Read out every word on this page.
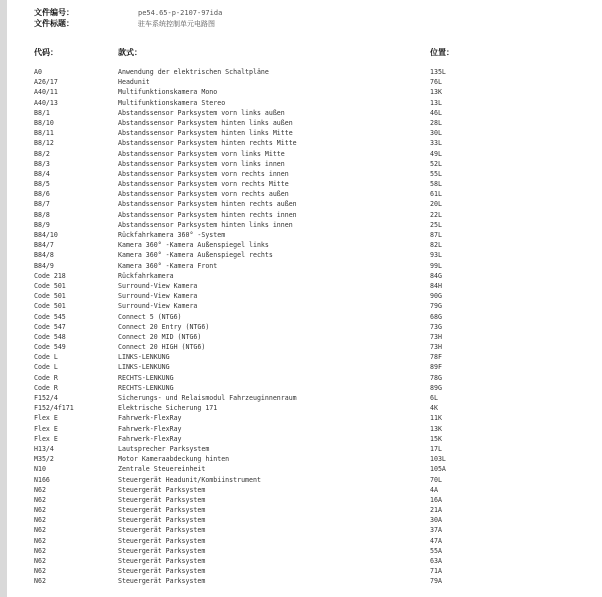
文件编号：	pe54.65-p-2107-97ida
文件标题：	驻车系统控制单元电路图
代码：	款式：	位置：
A0	Anwendung der elektrischen Schaltpläne	135L
A26/17	Headunit	76L
A40/11	Multifunktionskamera Mono	13K
A40/13	Multifunktionskamera Stereo	13L
B8/1	Abstandssensor Parksystem vorn links außen	46L
B8/10	Abstandssensor Parksystem hinten links außen	28L
B8/11	Abstandssensor Parksystem hinten links Mitte	30L
B8/12	Abstandssensor Parksystem hinten rechts Mitte	33L
B8/2	Abstandssensor Parksystem vorn links Mitte	49L
B8/3	Abstandssensor Parksystem vorn links innen	52L
B8/4	Abstandssensor Parksystem vorn rechts innen	55L
B8/5	Abstandssensor Parksystem vorn rechts Mitte	58L
B8/6	Abstandssensor Parksystem vorn rechts außen	61L
B8/7	Abstandssensor Parksystem hinten rechts außen	20L
B8/8	Abstandssensor Parksystem hinten rechts innen	22L
B8/9	Abstandssensor Parksystem hinten links innen	25L
B84/10	Rückfahrkamera 360° -System	87L
B84/7	Kamera 360° -Kamera Außenspiegel links	82L
B84/8	Kamera 360° -Kamera Außenspiegel rechts	93L
B84/9	Kamera 360° -Kamera Front	99L
Code 218	Rückfahrkamera	84G
Code 501	Surround-View Kamera	84H
Code 501	Surround-View Kamera	90G
Code 501	Surround-View Kamera	79G
Code 545	Connect 5 (NTG6)	68G
Code 547	Connect 20 Entry (NTG6)	73G
Code 548	Connect 20 MID (NTG6)	73H
Code 549	Connect 20 HIGH (NTG6)	73H
Code L	LINKS-LENKUNG	78F
Code L	LINKS-LENKUNG	89F
Code R	RECHTS-LENKUNG	78G
Code R	RECHTS-LENKUNG	89G
F152/4	Sicherungs- und Relaismodul Fahrzeuginnenraum	6L
F152/4f171	Elektrische Sicherung 171	4K
Flex E	Fahrwerk-FlexRay	11K
Flex E	Fahrwerk-FlexRay	13K
Flex E	Fahrwerk-FlexRay	15K
H13/4	Lautsprecher Parksystem	17L
M35/2	Motor Kameraabdeckung hinten	103L
N10	Zentrale Steuereinheit	105A
N166	Steuergerät Headunit/Kombiinstrument	70L
N62	Steuergerät Parksystem	4A
N62	Steuergerät Parksystem	16A
N62	Steuergerät Parksystem	21A
N62	Steuergerät Parksystem	30A
N62	Steuergerät Parksystem	37A
N62	Steuergerät Parksystem	47A
N62	Steuergerät Parksystem	55A
N62	Steuergerät Parksystem	63A
N62	Steuergerät Parksystem	71A
N62	Steuergerät Parksystem	79A
